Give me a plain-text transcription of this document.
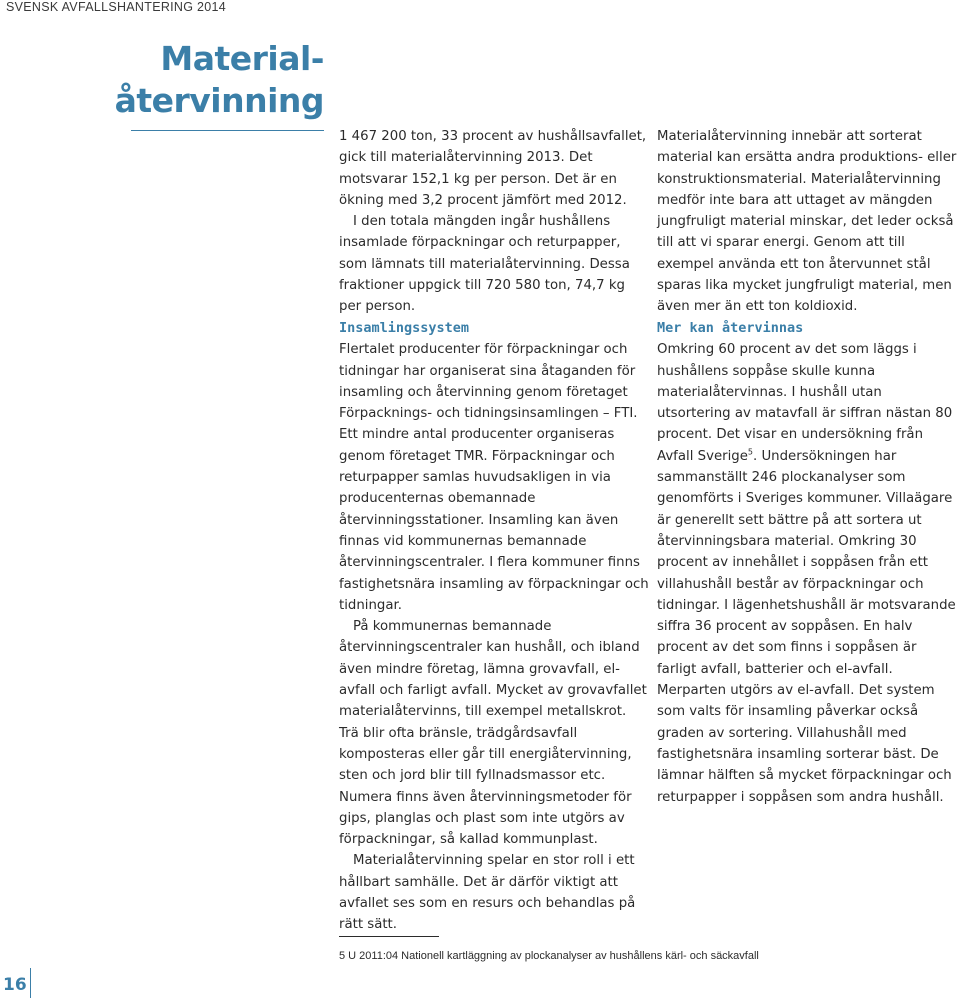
SVENSK AVFALLSHANTERING 2014
Material-
återvinning

1 467 200 ton, 33 procent av hushållsavfallet, gick till materialåtervinning 2013. Det motsvarar 152,1 kg per person. Det är en ökning med 3,2 procent jämfört med 2012.

I den totala mängden ingår hushållens insamlade förpackningar och returpapper, som lämnats till materialåtervinning. Dessa fraktioner uppgick till 720 580 ton, 74,7 kg per person.

Materialåtervinning innebär att sorterat material kan ersätta andra produktions- eller konstruktionsmaterial. Materialåtervinning medför inte bara att uttaget av mängden jungfruligt material minskar, det leder också till att vi sparar energi. Genom att till exempel använda ett ton återvunnet stål sparas lika mycket jungfruligt material, men även mer än ett ton koldioxid.

Insamlingssystem

Flertalet producenter för förpackningar och tidningar har organiserat sina åtaganden för insamling och återvinning genom företaget Förpacknings- och tidningsinsamlingen – FTI. Ett mindre antal producenter organiseras genom företaget TMR. Förpackningar och returpapper samlas huvudsakligen in via producenternas obemannade återvinningsstationer. Insamling kan även finnas vid kommunernas bemannade återvinningscentraler. I flera kommuner finns fastighetsnära insamling av förpackningar och tidningar.

På kommunernas bemannade återvinningscentraler kan hushåll, och ibland även mindre företag, lämna grovavfall, el-avfall och farligt avfall. Mycket av grovavfallet materialåtervinns, till exempel metallskrot. Trä blir ofta bränsle, trädgårdsavfall komposteras eller går till energiåtervinning, sten och jord blir till fyllnadsmassor etc. Numera finns även återvinningsmetoder för gips, planglas och plast som inte utgörs av förpackningar, så kallad kommunplast.

Materialåtervinning spelar en stor roll i ett hållbart samhälle. Det är därför viktigt att avfallet ses som en resurs och behandlas på rätt sätt.

Mer kan återvinnas

Omkring 60 procent av det som läggs i hushållens soppåse skulle kunna materialåtervinnas. I hushåll utan utsortering av matavfall är siffran nästan 80 procent. Det visar en undersökning från Avfall Sverige$^5$. Undersökningen har sammanställt 246 plockanalyser som genomförts i Sveriges kommuner. Villaägare är generellt sett bättre på att sortera ut återvinningsbara material. Omkring 30 procent av innehållet i soppåsen från ett villahushåll består av förpackningar och tidningar. I lägenhetshushåll är motsvarande siffra 36 procent av soppåsen. En halv procent av det som finns i soppåsen är farligt avfall, batterier och el-avfall. Merparten utgörs av el-avfall. Det system som valts för insamling påverkar också graden av sortering. Villahushåll med fastighetsnära insamling sorterar bäst. De lämnar hälften så mycket förpackningar och returpapper i soppåsen som andra hushåll.

5 U 2011:04 Nationell kartläggning av plockanalyser av hushållens kärl- och säckavfall
16
